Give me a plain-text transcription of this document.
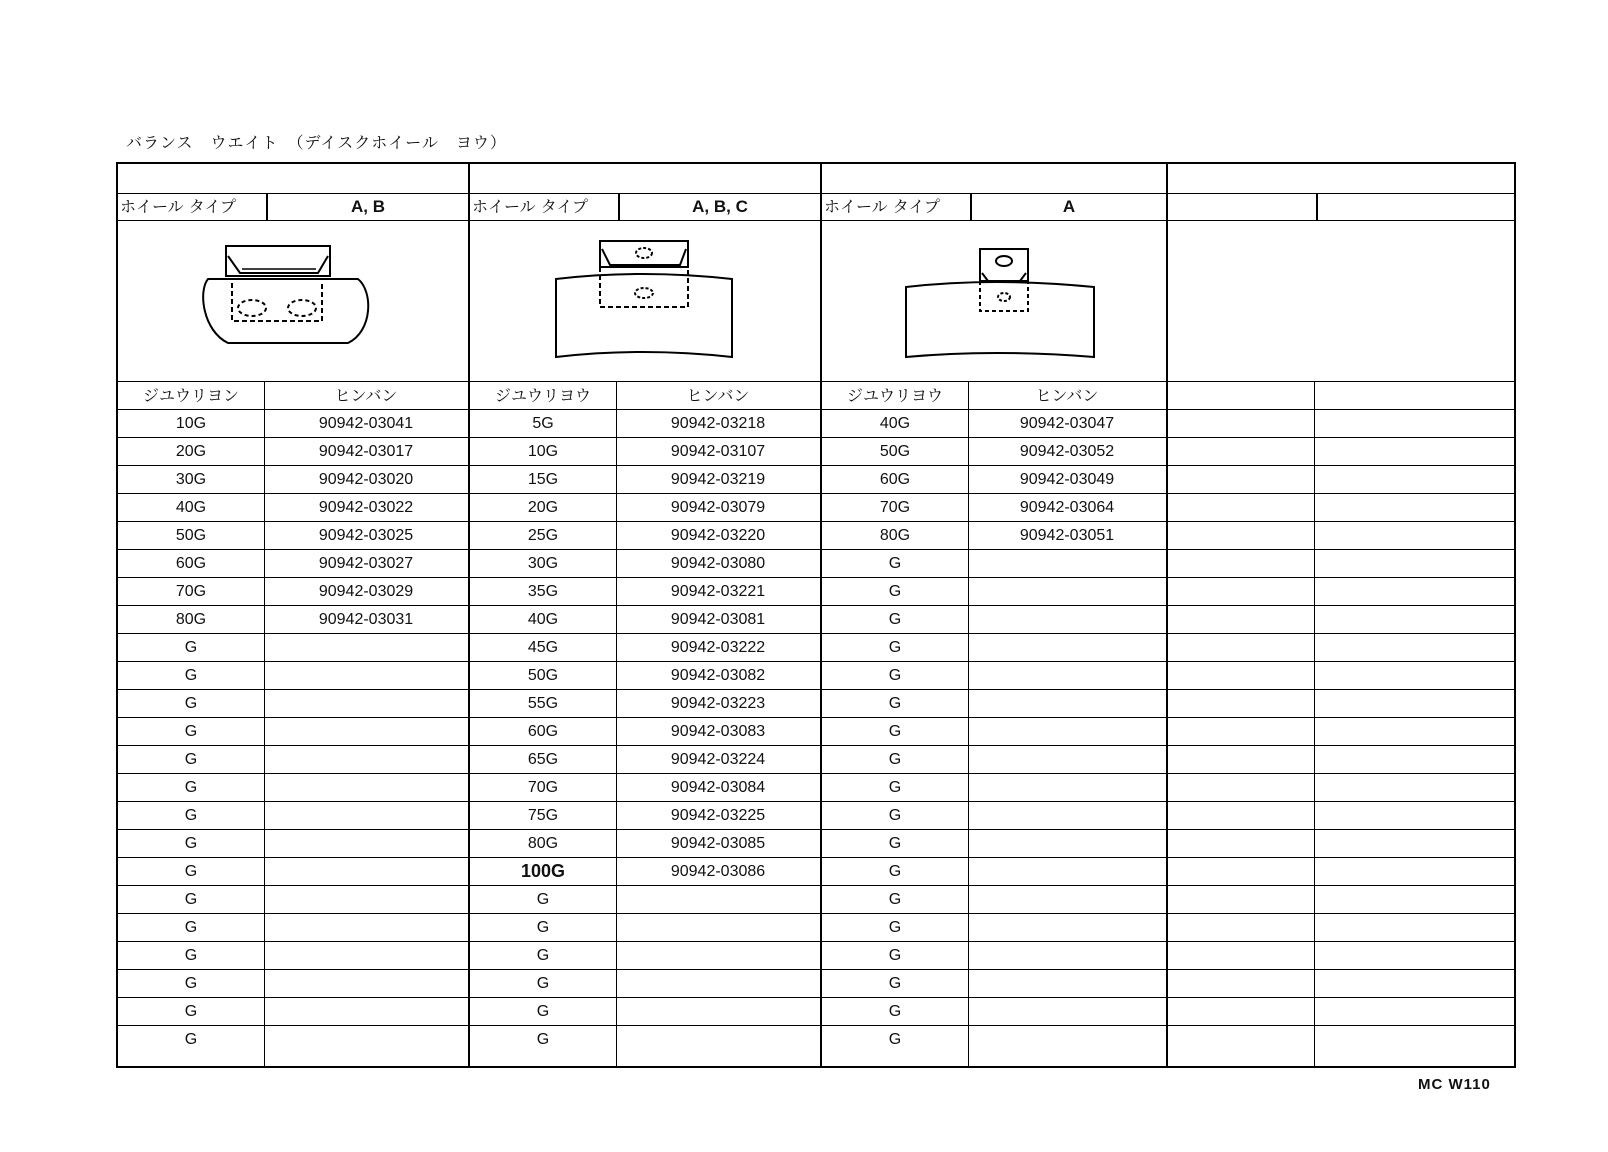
バランス　ウエイト　（デイスクホイール　ヨウ）
ホイール タイプ	A, B
ジユウリヨン	ヒンバン
10G	90942-03041
20G	90942-03017
30G	90942-03020
40G	90942-03022
50G	90942-03025
60G	90942-03027
70G	90942-03029
80G	90942-03031
G
G
G
G
G
G
G
G
G
G
G
G
G
G
G
ホイール タイプ	A, B, C
ジユウリヨウ	ヒンバン
5G	90942-03218
10G	90942-03107
15G	90942-03219
20G	90942-03079
25G	90942-03220
30G	90942-03080
35G	90942-03221
40G	90942-03081
45G	90942-03222
50G	90942-03082
55G	90942-03223
60G	90942-03083
65G	90942-03224
70G	90942-03084
75G	90942-03225
80G	90942-03085
100G	90942-03086
G
G
G
G
G
G
ホイール タイプ	A
ジユウリヨウ	ヒンバン
40G	90942-03047
50G	90942-03052
60G	90942-03049
70G	90942-03064
80G	90942-03051
G
G
G
G
G
G
G
G
G
G
G
G
G
G
G
G
G
G
MC W110
